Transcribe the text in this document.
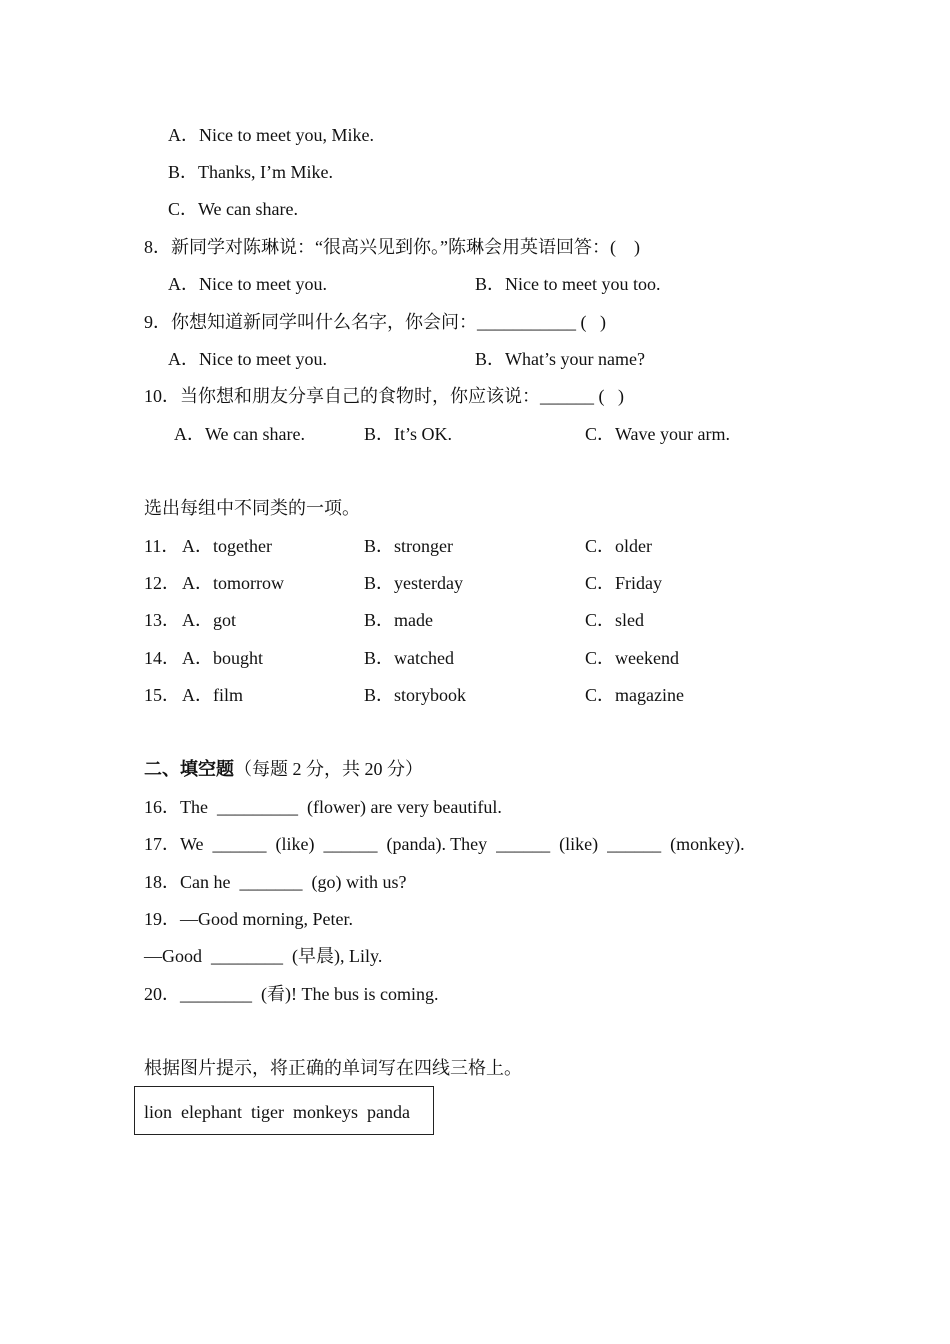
A．Nice to meet you, Mike.
B．Thanks, I’m Mike.
C．We can share.
8．新同学对陈琳说：“很高兴见到你。”陈琳会用英语回答：(    )
A．Nice to meet you.	B．Nice to meet you too.
9．你想知道新同学叫什么名字，你会问：___________ (   )
A．Nice to meet you.	B．What’s your name?
10．当你想和朋友分享自己的食物时，你应该说：______ (   )
A．We can share.	B．It’s OK.	C．Wave your arm.
选出每组中不同类的一项。
11． A．together	B．stronger	C．older
12． A．tomorrow	B．yesterday	C．Friday
13． A．got	B．made	C．sled
14． A．bought	B．watched	C．weekend
15． A．film	B．storybook	C．magazine
二、填空题（每题 2 分，共 20 分）
16．The  _________  (flower) are very beautiful.
17．We  ______  (like)  ______  (panda). They  ______  (like)  ______  (monkey).
18．Can he  _______  (go) with us?
19．—Good morning, Peter.
—Good  ________  (早晨), Lily.
20．________  (看)! The bus is coming.
根据图片提示，将正确的单词写在四线三格上。
lion  elephant  tiger  monkeys  panda
